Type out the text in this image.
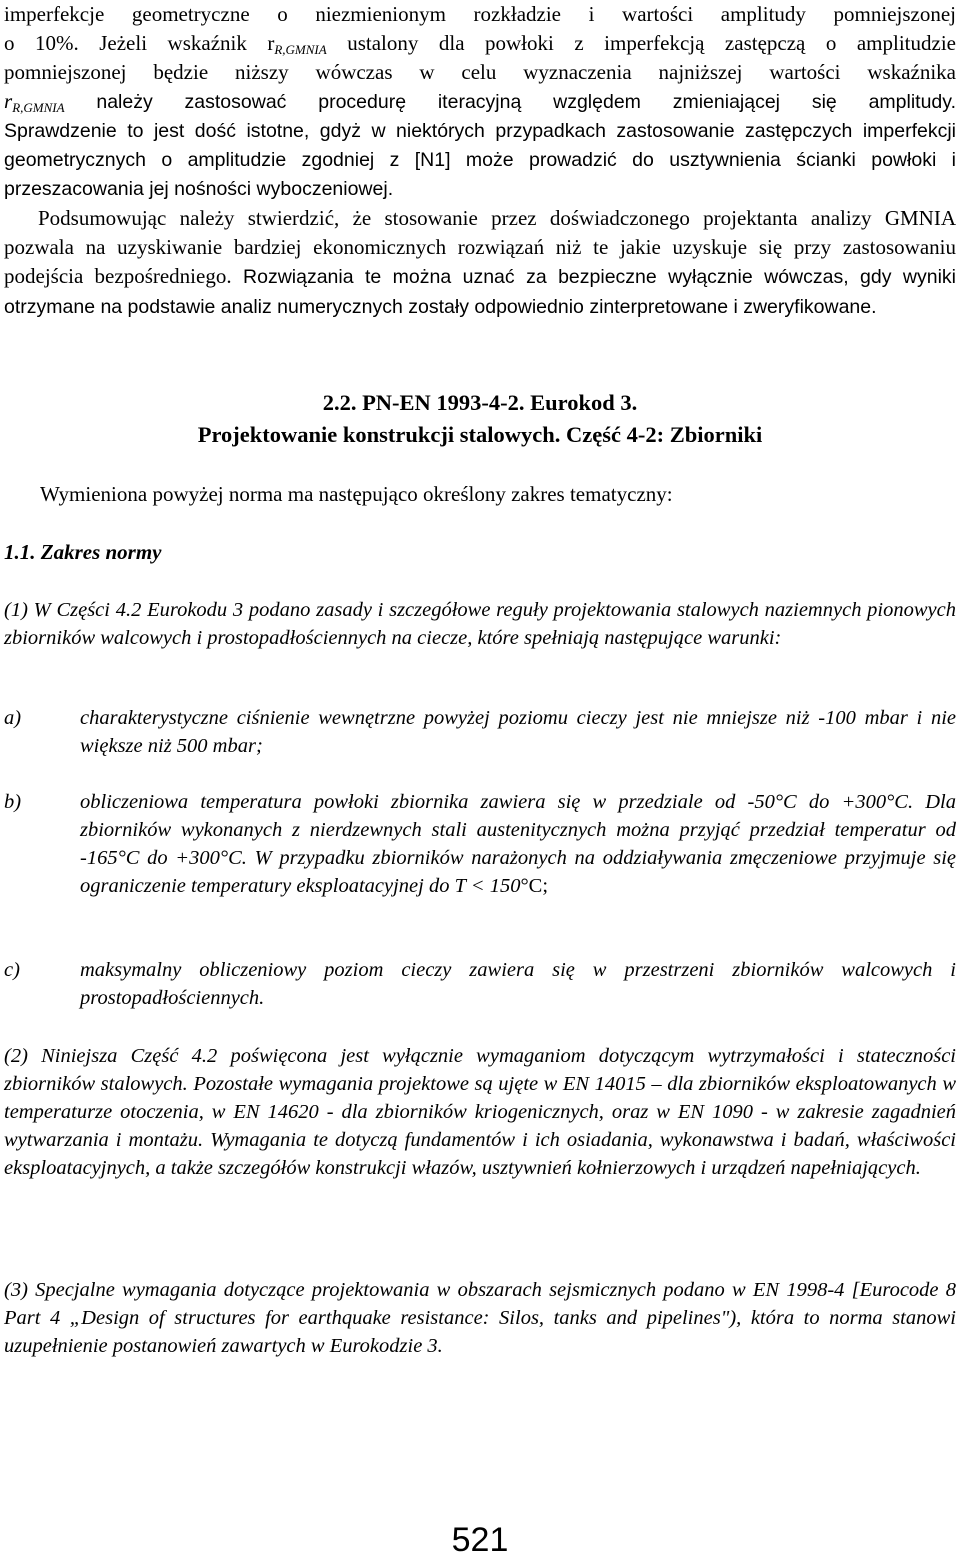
imperfekcje geometryczne o niezmienionym rozkładzie i wartości amplitudy pomniejszonej
o 10%. Jeżeli wskaźnik $r_{R,GMNIA}$ ustalony dla powłoki z imperfekcją zastępczą o amplitudzie
pomniejszonej będzie niższy wówczas w celu wyznaczenia najniższej wartości wskaźnika
$r_{R,GMNIA}$ należy zastosować procedurę iteracyjną względem zmieniającej się amplitudy.
Sprawdzenie to jest dość istotne, gdyż w niektórych przypadkach zastosowanie zastępczych imperfekcji geometrycznych o amplitudzie zgodniej z [N1] może prowadzić do usztywnienia ścianki powłoki i przeszacowania jej nośności wyboczeniowej.
Podsumowując należy stwierdzić, że stosowanie przez doświadczonego projektanta analizy GMNIA pozwala na uzyskiwanie bardziej ekonomicznych rozwiązań niż te jakie uzyskuje się przy zastosowaniu podejścia bezpośredniego. Rozwiązania te można uznać za bezpieczne wyłącznie wówczas, gdy wyniki otrzymane na podstawie analiz numerycznych zostały odpowiednio zinterpretowane i zweryfikowane.
2.2. PN-EN 1993-4-2. Eurokod 3.
Projektowanie konstrukcji stalowych. Część 4-2: Zbiorniki
Wymieniona powyżej norma ma następująco określony zakres tematyczny:
1.1. Zakres normy
(1) W Części 4.2 Eurokodu 3 podano zasady i szczegółowe reguły projektowania stalowych naziemnych pionowych zbiorników walcowych i prostopadłościennych na ciecze, które spełniają następujące warunki:
a)	charakterystyczne ciśnienie wewnętrzne powyżej poziomu cieczy jest nie mniejsze niż -100 mbar i nie większe niż 500 mbar;
b)	obliczeniowa temperatura powłoki zbiornika zawiera się w przedziale od -50°C do +300°C. Dla zbiorników wykonanych z nierdzewnych stali austenitycznych można przyjąć przedział temperatur od -165°C do +300°C. W przypadku zbiorników narażonych na oddziaływania zmęczeniowe przyjmuje się ograniczenie temperatury eksploatacyjnej do T < 150°C;
c)	maksymalny obliczeniowy poziom cieczy zawiera się w przestrzeni zbiorników walcowych i prostopadłościennych.
(2) Niniejsza Część 4.2 poświęcona jest wyłącznie wymaganiom dotyczącym wytrzymałości i stateczności zbiorników stalowych. Pozostałe wymagania projektowe są ujęte w EN 14015 – dla zbiorników eksploatowanych w temperaturze otoczenia, w EN 14620 - dla zbiorników kriogenicznych, oraz w EN 1090 - w zakresie zagadnień wytwarzania i montażu. Wymagania te dotyczą fundamentów i ich osiadania, wykonawstwa i badań, właściwości eksploatacyjnych, a także szczegółów konstrukcji włazów, usztywnień kołnierzowych i urządzeń napełniających.
(3) Specjalne wymagania dotyczące projektowania w obszarach sejsmicznych podano w EN 1998-4 [Eurocode 8 Part 4 „Design of structures for earthquake resistance: Silos, tanks and pipelines"), która to norma stanowi uzupełnienie postanowień zawartych w Eurokodzie 3.
521
